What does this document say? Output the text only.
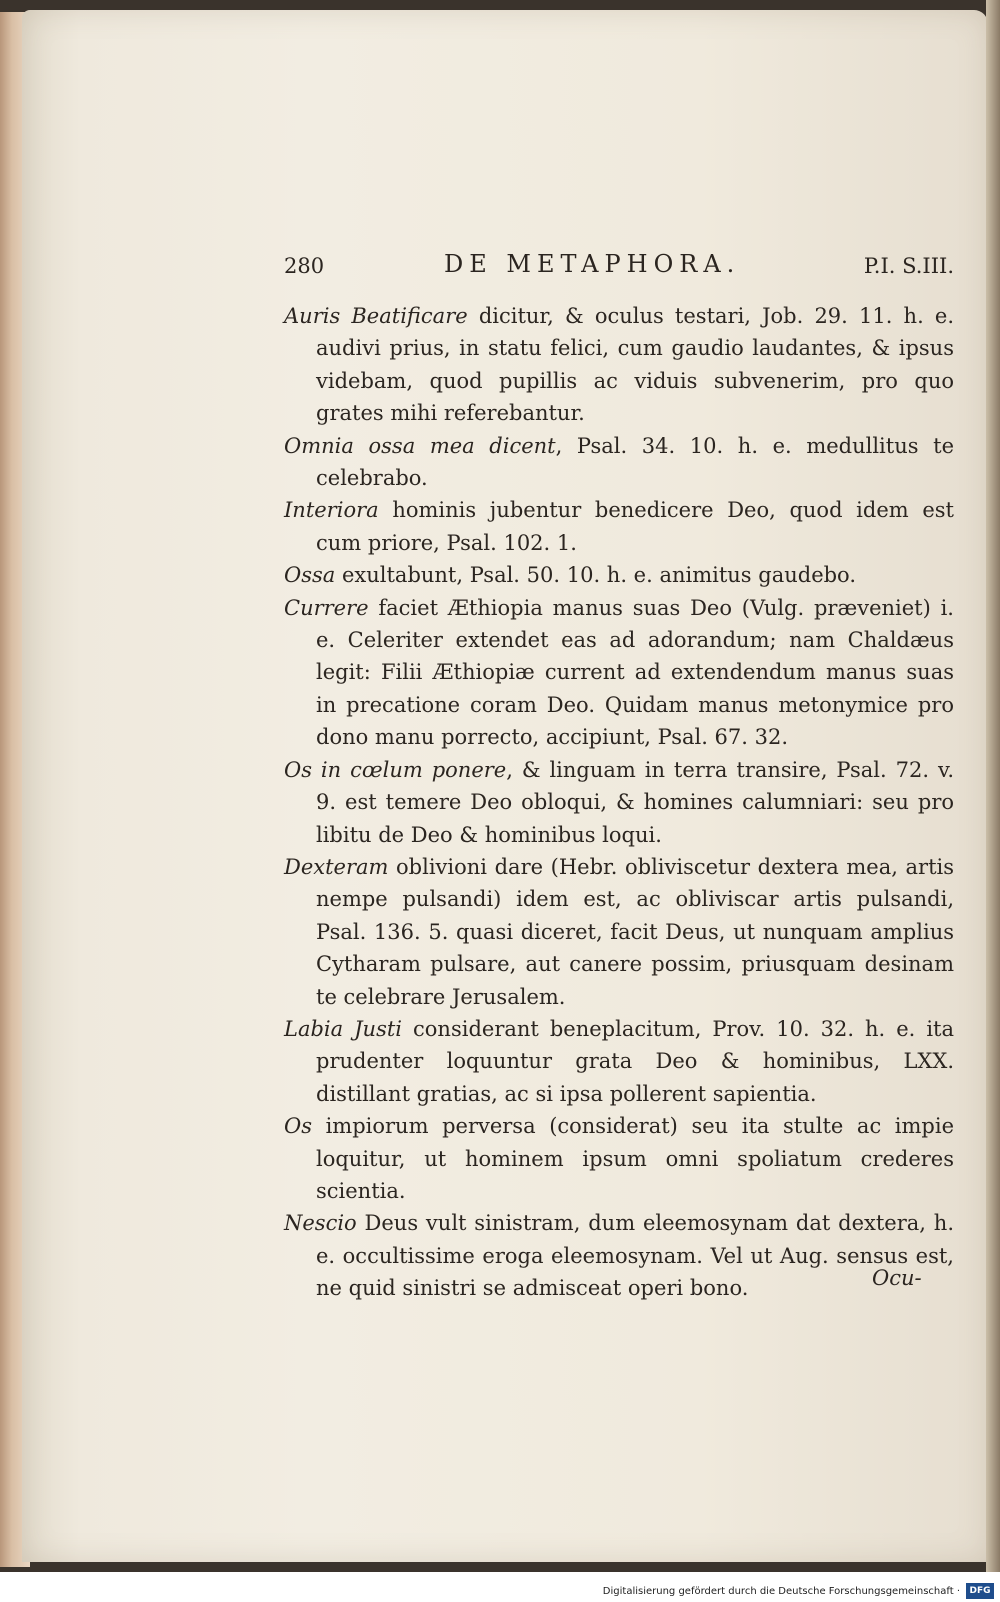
280	DE METAPHORA.	P.I. S.III.

Auris Beatificare dicitur, & oculus testari, Job. 29. 11. h. e. audivi prius, in statu felici, cum gaudio laudantes, & ipsus videbam, quod pupillis ac viduis subvenerim, pro quo grates mihi referebantur.

Omnia ossa mea dicent, Psal. 34. 10. h. e. medullitus te celebrabo.

Interiora hominis jubentur benedicere Deo, quod idem est cum priore, Psal. 102. 1.

Ossa exultabunt, Psal. 50. 10. h. e. animitus gaudebo.

Currere faciet Æthiopia manus suas Deo (Vulg. præveniet) i. e. Celeriter extendet eas ad adorandum; nam Chaldæus legit: Filii Æthiopiæ current ad extendendum manus suas in precatione coram Deo. Quidam manus metonymice pro dono manu porrecto, accipiunt, Psal. 67. 32.

Os in cœlum ponere, & linguam in terra transire, Psal. 72. v. 9. est temere Deo obloqui, & homines calumniari: seu pro libitu de Deo & hominibus loqui.

Dexteram oblivioni dare (Hebr. obliviscetur dextera mea, artis nempe pulsandi) idem est, ac obliviscar artis pulsandi, Psal. 136. 5. quasi diceret, facit Deus, ut nunquam amplius Cytharam pulsare, aut canere possim, priusquam desinam te celebrare Jerusalem.

Labia Justi considerant beneplacitum, Prov. 10. 32. h. e. ita prudenter loquuntur grata Deo & hominibus, LXX. distillant gratias, ac si ipsa pollerent sapientia.

Os impiorum perversa (considerat) seu ita stulte ac impie loquitur, ut hominem ipsum omni spoliatum crederes scientia.

Nescio Deus vult sinistram, dum eleemosynam dat dextera, h. e. occultissime eroga eleemosynam. Vel ut Aug. sensus est, ne quid sinistri se admisceat operi bono.	Ocu-
Digitalisierung gefördert durch die Deutsche Forschungsgemeinschaft ·	DFG
